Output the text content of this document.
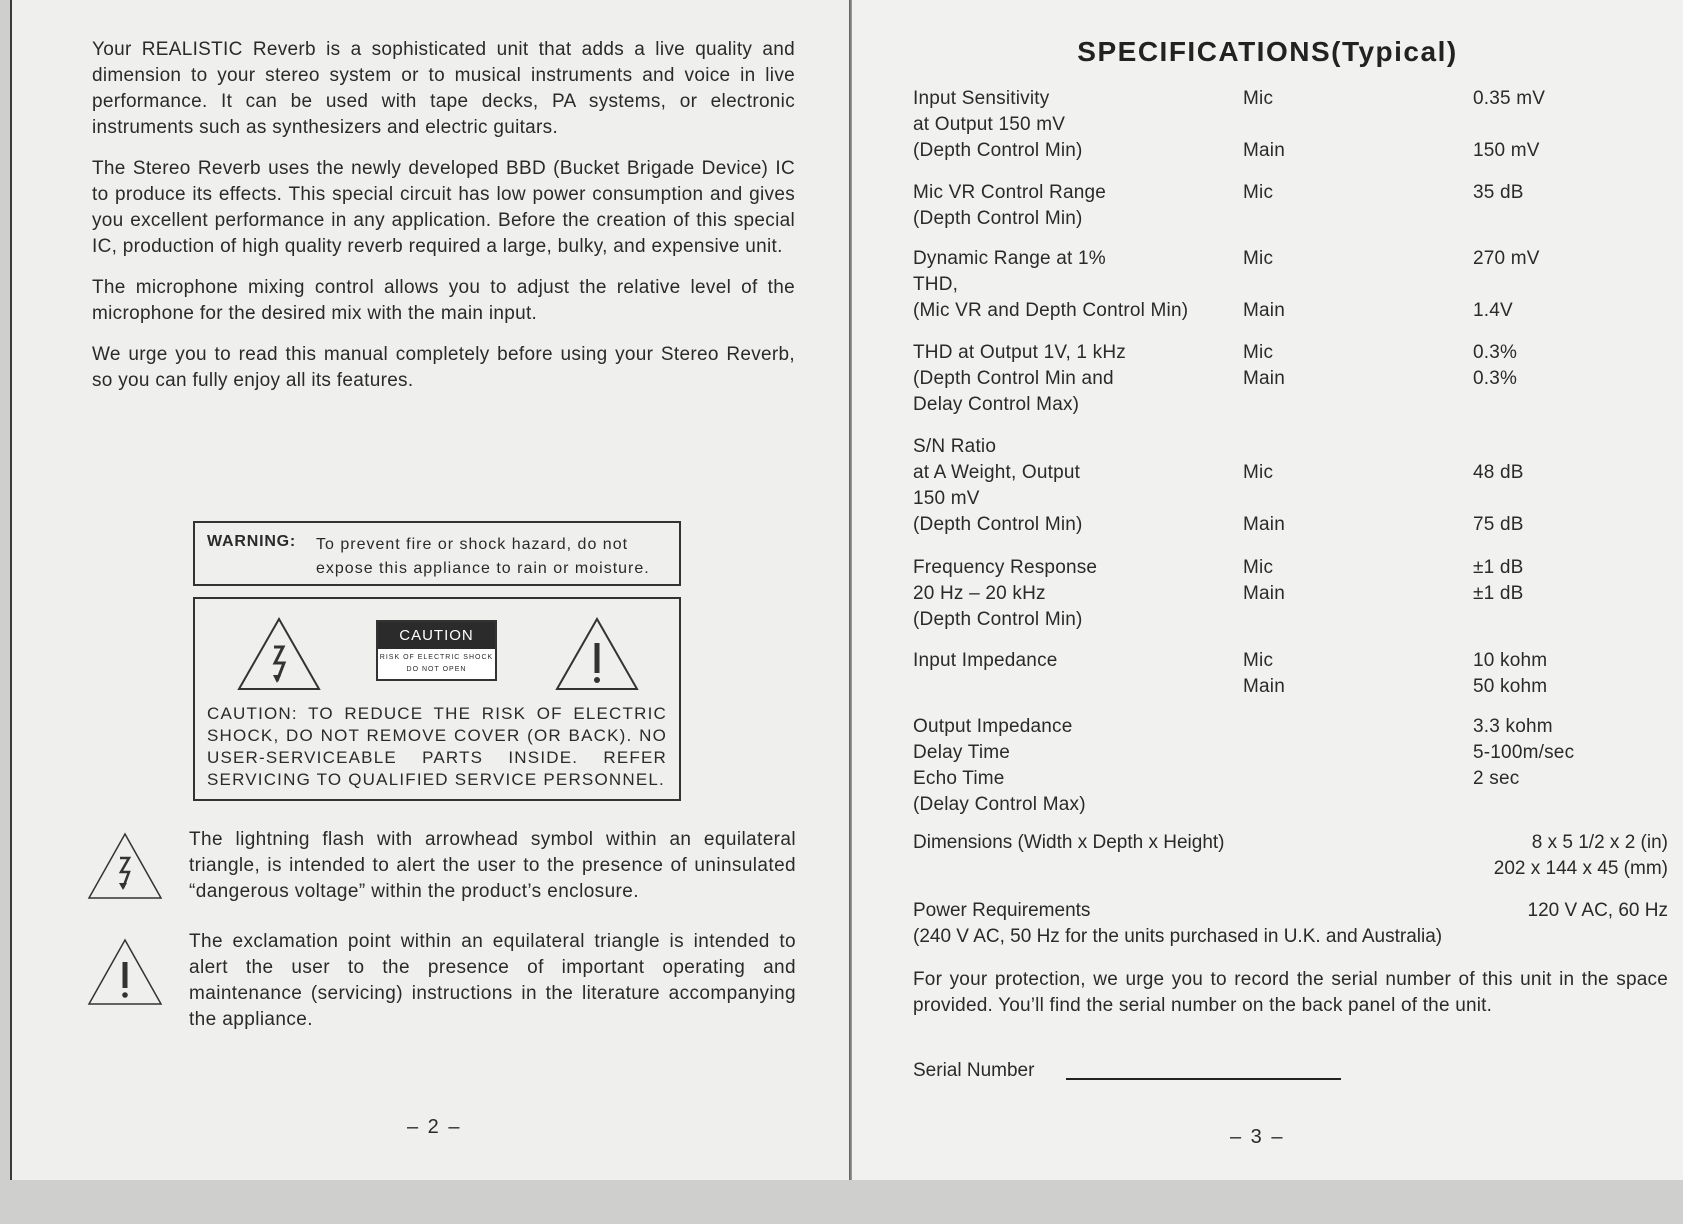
Your REALISTIC Reverb is a sophisticated unit that adds a live quality and dimension to your stereo system or to musical instruments and voice in live performance. It can be used with tape decks, PA systems, or electronic instruments such as synthesizers and electric guitars.

The Stereo Reverb uses the newly developed BBD (Bucket Brigade Device) IC to produce its effects. This special circuit has low power consumption and gives you excellent performance in any application. Before the creation of this special IC, production of high quality reverb required a large, bulky, and expensive unit.

The microphone mixing control allows you to adjust the relative level of the microphone for the desired mix with the main input.

We urge you to read this manual completely before using your Stereo Reverb, so you can fully enjoy all its features.

WARNING: To prevent fire or shock hazard, do not expose this appliance to rain or moisture.
CAUTION
RISK OF ELECTRIC SHOCK
DO NOT OPEN
CAUTION: TO REDUCE THE RISK OF ELECTRIC SHOCK, DO NOT REMOVE COVER (OR BACK). NO USER-SERVICEABLE PARTS INSIDE. REFER SERVICING TO QUALIFIED SERVICE PERSONNEL.
The lightning flash with arrowhead symbol within an equilateral triangle, is intended to alert the user to the presence of uninsulated “dangerous voltage” within the product’s enclosure.
The exclamation point within an equilateral triangle is intended to alert the user to the presence of important operating and maintenance (servicing) instructions in the literature accompanying the appliance.
– 2 –
SPECIFICATIONS(Typical)
Input Sensitivity	Mic	0.35 mV
at Output 150 mV
(Depth Control Min)	Main	150 mV
Mic VR Control Range	Mic	35 dB
(Depth Control Min)
Dynamic Range at 1%	Mic	270 mV
THD,
(Mic VR and Depth Control Min)	Main	1.4V
THD at Output 1V, 1 kHz	Mic	0.3%
(Depth Control Min and	Main	0.3%
Delay Control Max)
S/N Ratio
at A Weight, Output	Mic	48 dB
150 mV
(Depth Control Min)	Main	75 dB
Frequency Response	Mic	±1 dB
20 Hz – 20 kHz	Main	±1 dB
(Depth Control Min)
Input Impedance	Mic	10 kohm
Main	50 kohm
Output Impedance	3.3 kohm
Delay Time	5-100m/sec
Echo Time	2 sec
(Delay Control Max)
Dimensions (Width x Depth x Height)	8 x 5 1/2 x 2 (in)
202 x 144 x 45 (mm)
Power Requirements	120 V AC, 60 Hz
(240 V AC, 50 Hz for the units purchased in U.K. and Australia)
For your protection, we urge you to record the serial number of this unit in the space provided. You’ll find the serial number on the back panel of the unit.
Serial Number
– 3 –
